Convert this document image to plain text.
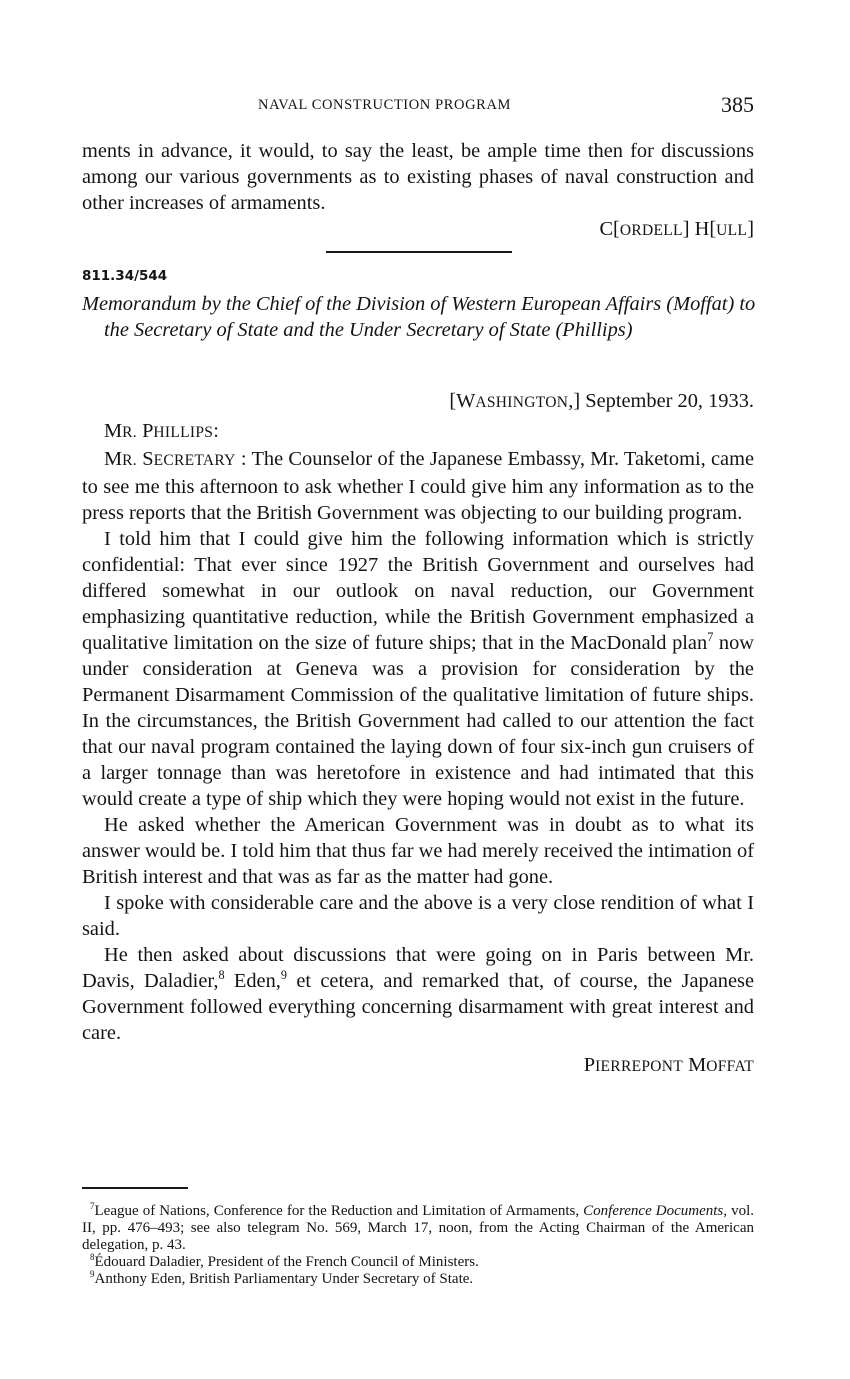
NAVAL CONSTRUCTION PROGRAM	385

ments in advance, it would, to say the least, be ample time then for discussions among our various governments as to existing phases of naval construction and other increases of armaments.

C[ORDELL] H[ULL]

811.34/544

Memorandum by the Chief of the Division of Western European Affairs (Moffat) to the Secretary of State and the Under Secretary of State (Phillips)

[WASHINGTON,] September 20, 1933.

MR. PHILLIPS:

MR. SECRETARY : The Counselor of the Japanese Embassy, Mr. Taketomi, came to see me this afternoon to ask whether I could give him any information as to the press reports that the British Government was objecting to our building program.

I told him that I could give him the following information which is strictly confidential: That ever since 1927 the British Government and ourselves had differed somewhat in our outlook on naval reduction, our Government emphasizing quantitative reduction, while the British Government emphasized a qualitative limitation on the size of future ships; that in the MacDonald plan$^7$ now under consideration at Geneva was a provision for consideration by the Permanent Disarmament Commission of the qualitative limitation of future ships. In the circumstances, the British Government had called to our attention the fact that our naval program contained the laying down of four six-inch gun cruisers of a larger tonnage than was heretofore in existence and had intimated that this would create a type of ship which they were hoping would not exist in the future.

He asked whether the American Government was in doubt as to what its answer would be. I told him that thus far we had merely received the intimation of British interest and that was as far as the matter had gone.

I spoke with considerable care and the above is a very close rendition of what I said.

He then asked about discussions that were going on in Paris between Mr. Davis, Daladier,$^8$ Eden,$^9$ et cetera, and remarked that, of course, the Japanese Government followed everything concerning disarmament with great interest and care.

PIERREPONT MOFFAT

$^7$League of Nations, Conference for the Reduction and Limitation of Armaments, Conference Documents, vol. II, pp. 476–493; see also telegram No. 569, March 17, noon, from the Acting Chairman of the American delegation, p. 43.

$^8$Édouard Daladier, President of the French Council of Ministers.

$^9$Anthony Eden, British Parliamentary Under Secretary of State.
